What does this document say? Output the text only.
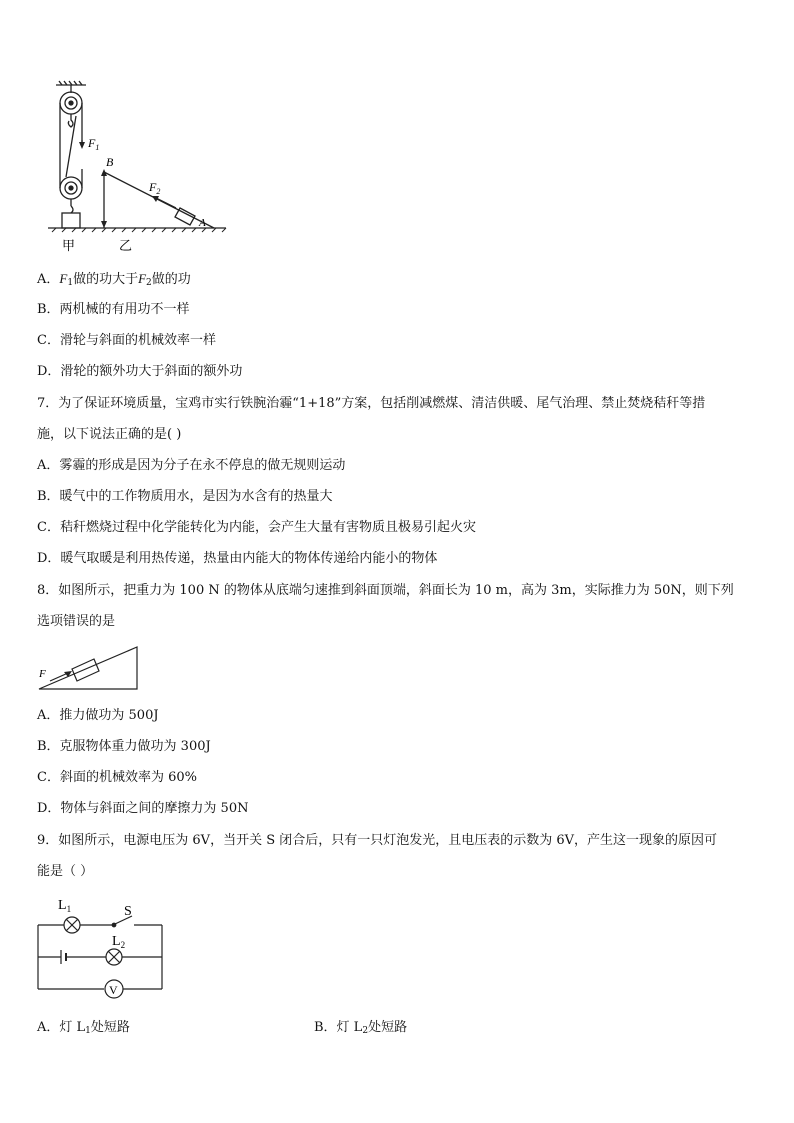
$F_1$
B
$F_2$
A
甲	乙
A．$F_1$做的功大于$F_2$做的功
B．两机械的有用功不一样
C．滑轮与斜面的机械效率一样
D．滑轮的额外功大于斜面的额外功
7．为了保证环境质量，宝鸡市实行铁腕治霾“1+18”方案，包括削减燃煤、清洁供暖、尾气治理、禁止焚烧秸秆等措
施，以下说法正确的是( )
A．雾霾的形成是因为分子在永不停息的做无规则运动
B．暖气中的工作物质用水，是因为水含有的热量大
C．秸秆燃烧过程中化学能转化为内能，会产生大量有害物质且极易引起火灾
D．暖气取暖是利用热传递，热量由内能大的物体传递给内能小的物体
8．如图所示，把重力为 100 N 的物体从底端匀速推到斜面顶端，斜面长为 10 m，高为 3m，实际推力为 50N，则下列
选项错误的是
F
A．推力做功为 500J
B．克服物体重力做功为 300J
C．斜面的机械效率为 60%
D．物体与斜面之间的摩擦力为 50N
9．如图所示，电源电压为 6V，当开关 S 闭合后，只有一只灯泡发光，且电压表的示数为 6V，产生这一现象的原因可
能是（ ）
$L_1$	S
$L_2$
V
A．灯 $L_1$处短路	B．灯 $L_2$处短路
